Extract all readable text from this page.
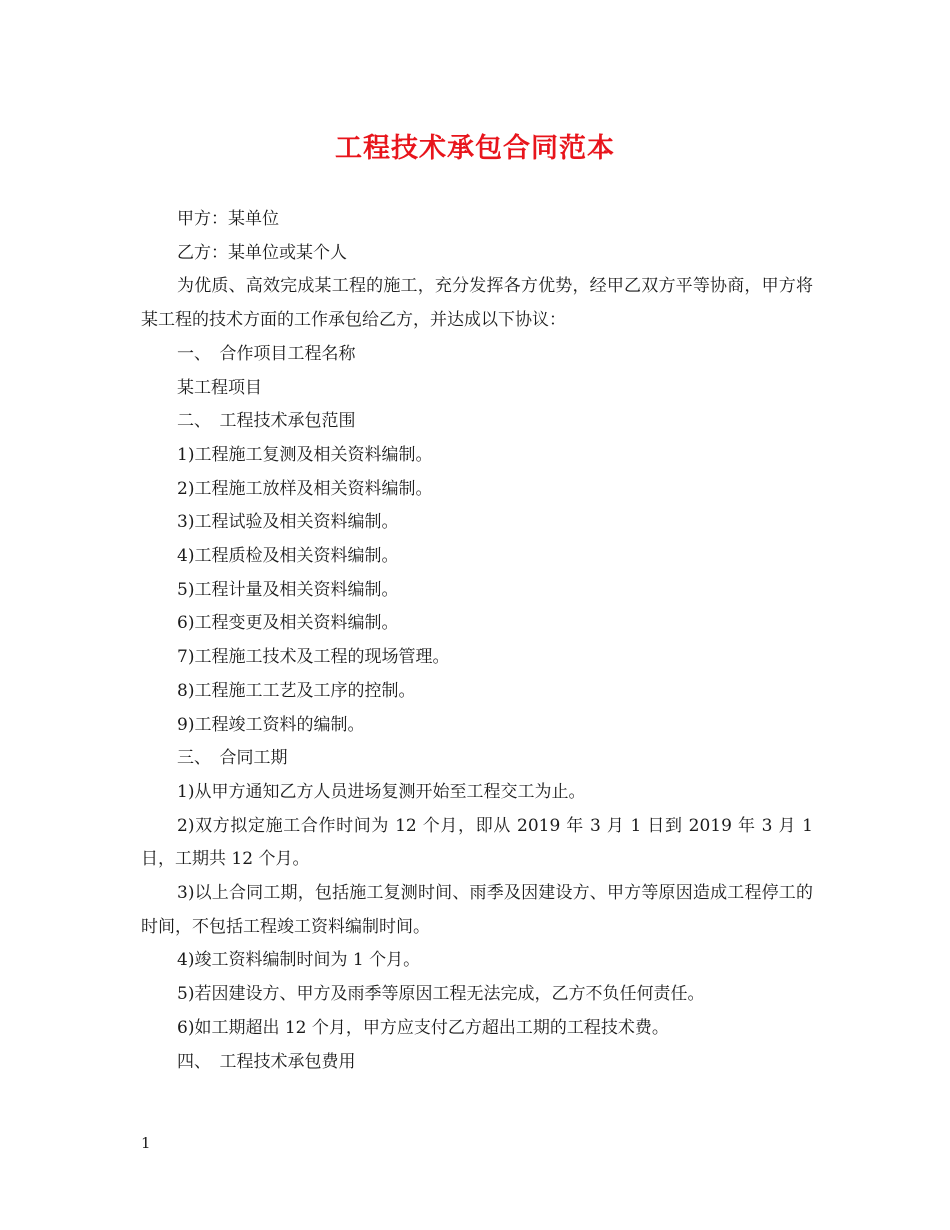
工程技术承包合同范本

甲方：某单位

乙方：某单位或某个人

为优质、高效完成某工程的施工，充分发挥各方优势，经甲乙双方平等协商，甲方将某工程的技术方面的工作承包给乙方，并达成以下协议：

一、　合作项目工程名称

某工程项目

二、　工程技术承包范围

1)工程施工复测及相关资料编制。

2)工程施工放样及相关资料编制。

3)工程试验及相关资料编制。

4)工程质检及相关资料编制。

5)工程计量及相关资料编制。

6)工程变更及相关资料编制。

7)工程施工技术及工程的现场管理。

8)工程施工工艺及工序的控制。

9)工程竣工资料的编制。

三、　合同工期

1)从甲方通知乙方人员进场复测开始至工程交工为止。

2)双方拟定施工合作时间为 12 个月，即从 2019 年 3 月 1 日到 2019 年 3 月 1 日，工期共 12 个月。

3)以上合同工期，包括施工复测时间、雨季及因建设方、甲方等原因造成工程停工的时间，不包括工程竣工资料编制时间。

4)竣工资料编制时间为 1 个月。

5)若因建设方、甲方及雨季等原因工程无法完成，乙方不负任何责任。

6)如工期超出 12 个月，甲方应支付乙方超出工期的工程技术费。

四、　工程技术承包费用

1
